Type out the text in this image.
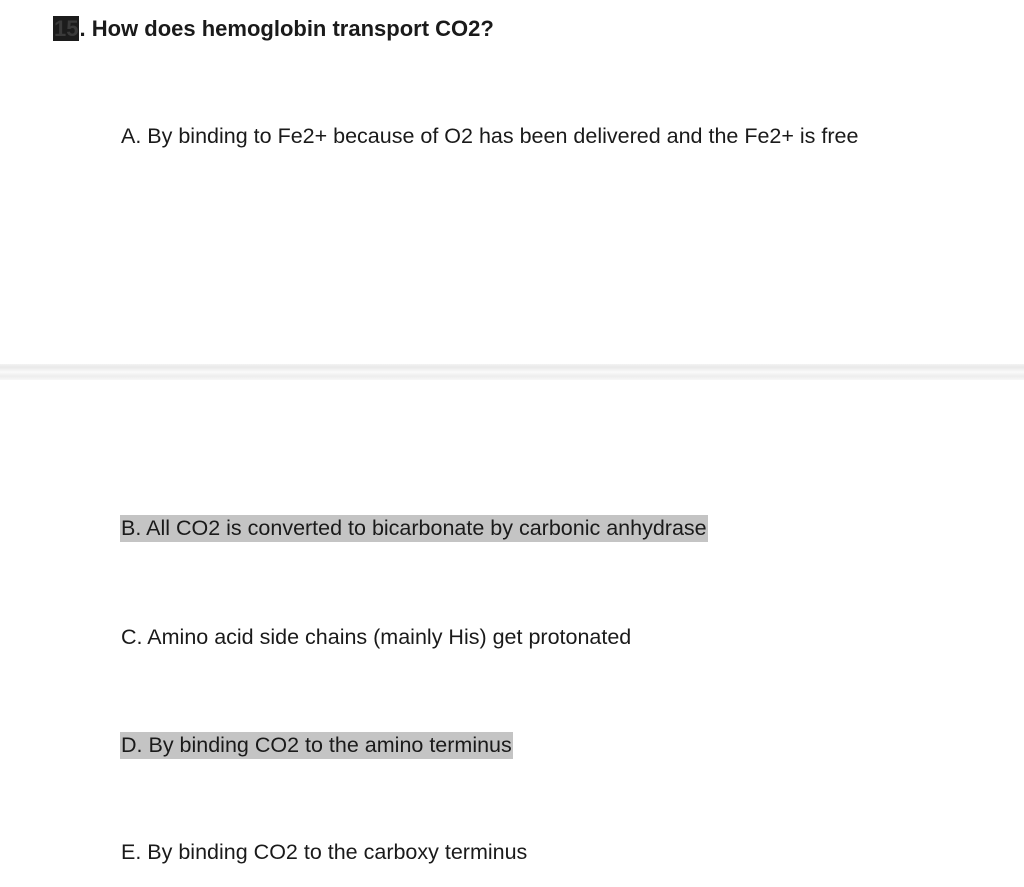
15. How does hemoglobin transport CO2?
A. By binding to Fe2+ because of O2 has been delivered and the Fe2+ is free
B. All CO2 is converted to bicarbonate by carbonic anhydrase
C. Amino acid side chains (mainly His) get protonated
D. By binding CO2 to the amino terminus
E. By binding CO2 to the carboxy terminus
